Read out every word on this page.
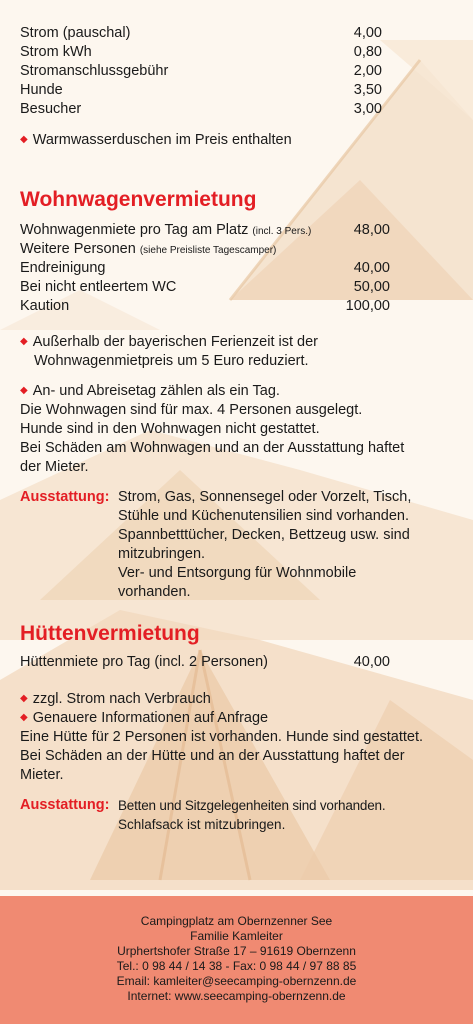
Strom (pauschal)	4,00
Strom kWh	0,80
Stromanschlussgebühr	2,00
Hunde	3,50
Besucher	3,00
◆ Warmwasserduschen im Preis enthalten
Wohnwagenvermietung
Wohnwagenmiete pro Tag am Platz (incl. 3 Pers.)	48,00
Weitere Personen (siehe Preisliste Tagescamper)
Endreinigung	40,00
Bei nicht entleertem WC	50,00
Kaution	100,00
◆ Außerhalb der bayerischen Ferienzeit ist der
Wohnwagenmietpreis um 5 Euro reduziert.
◆ An- und Abreisetag zählen als ein Tag.
Die Wohnwagen sind für max. 4 Personen ausgelegt.
Hunde sind in den Wohnwagen nicht gestattet.
Bei Schäden am Wohnwagen und an der Ausstattung haftet
der Mieter.
Ausstattung: Strom, Gas, Sonnensegel oder Vorzelt, Tisch,
Stühle und Küchenutensilien sind vorhanden.
Spannbetttücher, Decken, Bettzeug usw. sind
mitzubringen.
Ver- und Entsorgung für Wohnmobile
vorhanden.
Hüttenvermietung
Hüttenmiete pro Tag (incl. 2 Personen)	40,00
◆ zzgl. Strom nach Verbrauch
◆ Genauere Informationen auf Anfrage
Eine Hütte für 2 Personen ist vorhanden. Hunde sind gestattet.
Bei Schäden an der Hütte und an der Ausstattung haftet der
Mieter.
Ausstattung: Betten und Sitzgelegenheiten sind vorhanden.
Schlafsack ist mitzubringen.
Campingplatz am Obernzenner See
Familie Kamleiter
Urphertshofer Straße 17 – 91619 Obernzenn
Tel.: 0 98 44 / 14 38 - Fax: 0 98 44 / 97 88 85
Email: kamleiter@seecamping-obernzenn.de
Internet: www.seecamping-obernzenn.de
